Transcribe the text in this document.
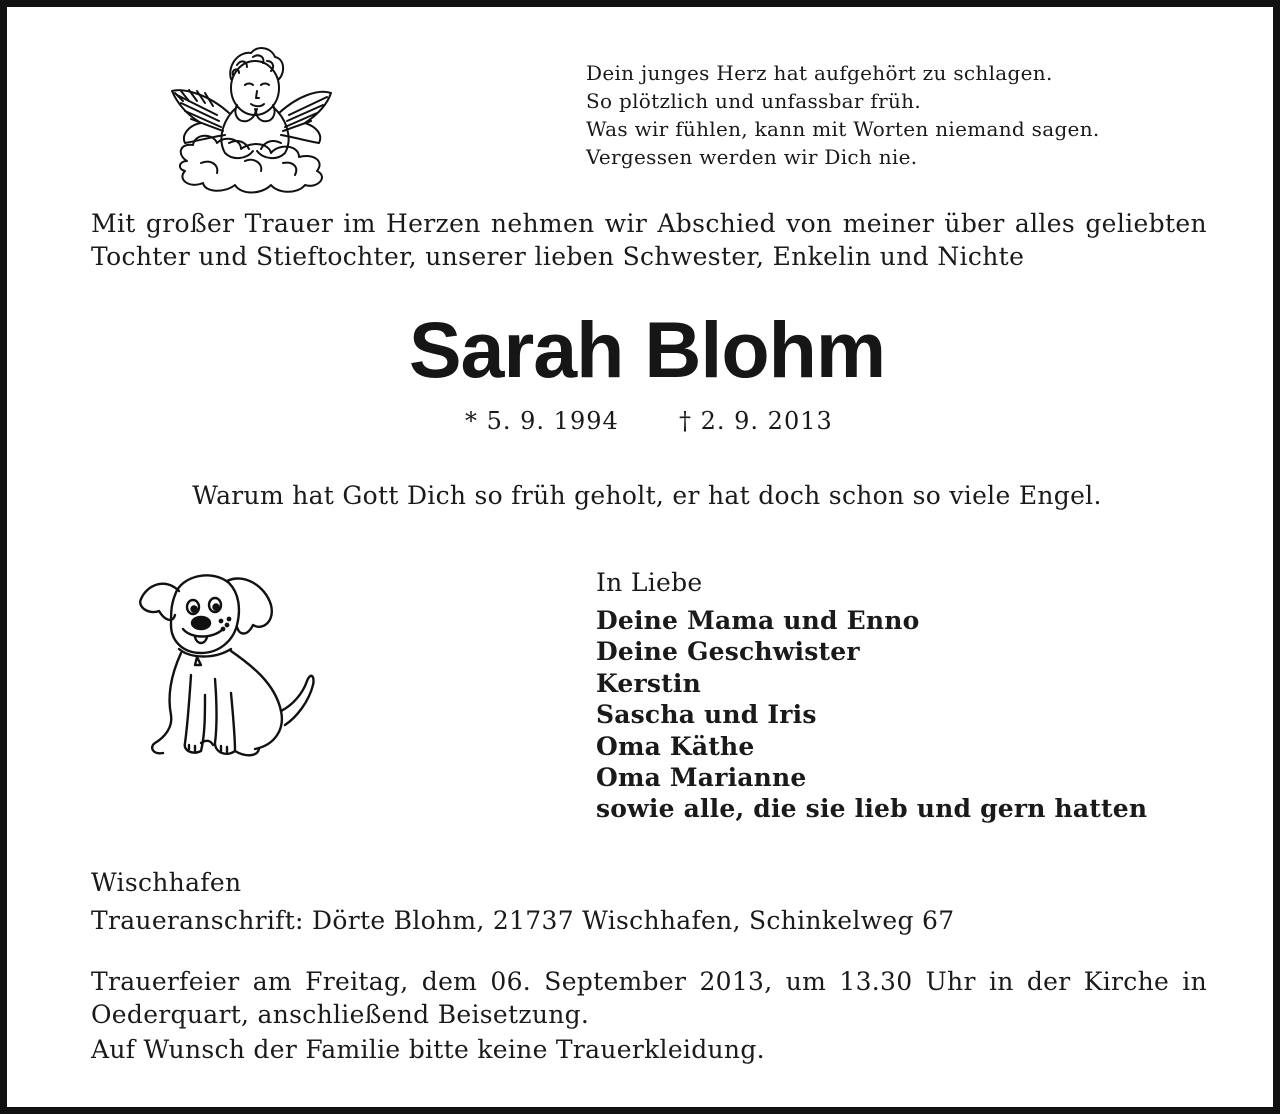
Dein junges Herz hat aufgehört zu schlagen.
So plötzlich und unfassbar früh.
Was wir fühlen, kann mit Worten niemand sagen.
Vergessen werden wir Dich nie.
Mit großer Trauer im Herzen nehmen wir Abschied von meiner über alles geliebten
Tochter und Stieftochter, unserer lieben Schwester, Enkelin und Nichte
Sarah Blohm
* 5. 9. 1994	† 2. 9. 2013
Warum hat Gott Dich so früh geholt, er hat doch schon so viele Engel.
In Liebe
Deine Mama und Enno
Deine Geschwister
Kerstin
Sascha und Iris
Oma Käthe
Oma Marianne
sowie alle, die sie lieb und gern hatten
Wischhafen
Traueranschrift: Dörte Blohm, 21737 Wischhafen, Schinkelweg 67
Trauerfeier am Freitag, dem 06. September 2013, um 13.30 Uhr in der Kirche in
Oederquart, anschließend Beisetzung.
Auf Wunsch der Familie bitte keine Trauerkleidung.
